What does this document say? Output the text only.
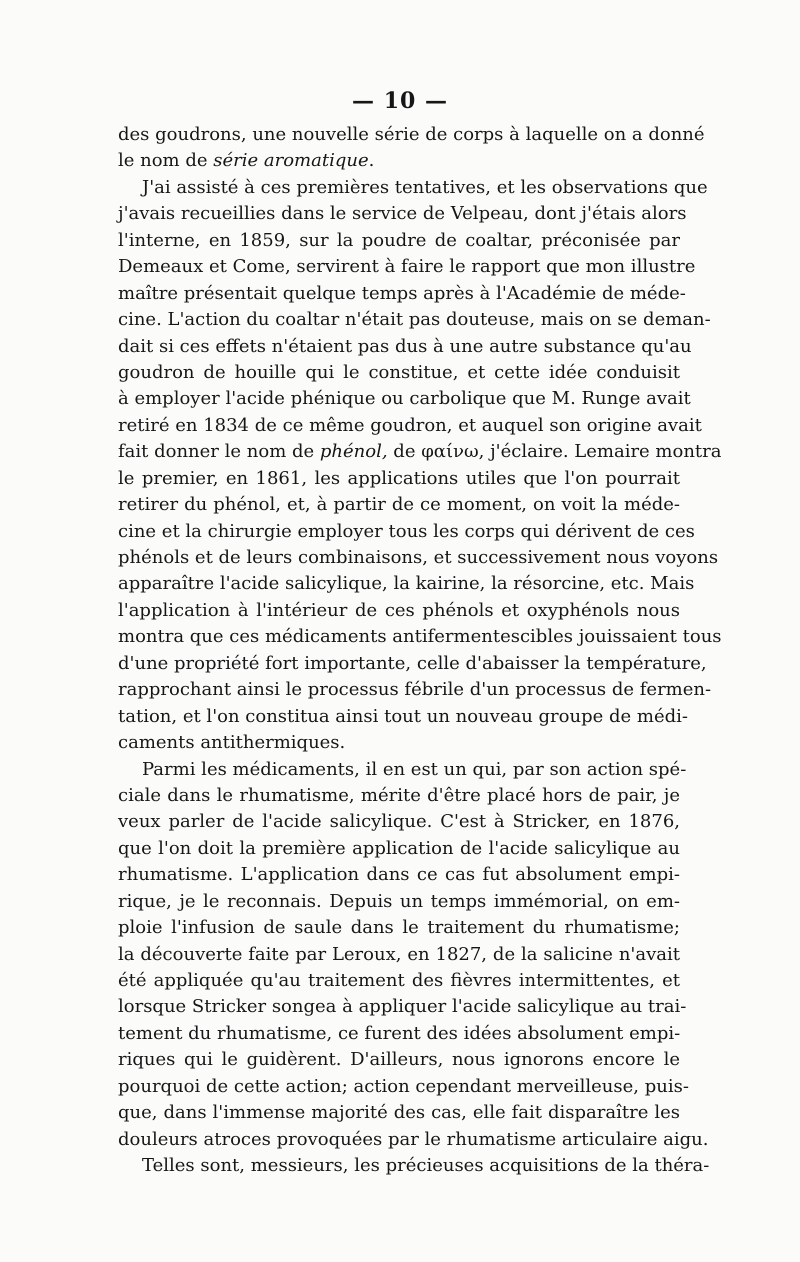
— 10 —
des goudrons, une nouvelle série de corps à laquelle on a donné
le nom de série aromatique.
J'ai assisté à ces premières tentatives, et les observations que
j'avais recueillies dans le service de Velpeau, dont j'étais alors
l'interne, en 1859, sur la poudre de coaltar, préconisée par
Demeaux et Come, servirent à faire le rapport que mon illustre
maître présentait quelque temps après à l'Académie de méde-
cine. L'action du coaltar n'était pas douteuse, mais on se deman-
dait si ces effets n'étaient pas dus à une autre substance qu'au
goudron de houille qui le constitue, et cette idée conduisit
à employer l'acide phénique ou carbolique que M. Runge avait
retiré en 1834 de ce même goudron, et auquel son origine avait
fait donner le nom de phénol, de φαίνω, j'éclaire. Lemaire montra
le premier, en 1861, les applications utiles que l'on pourrait
retirer du phénol, et, à partir de ce moment, on voit la méde-
cine et la chirurgie employer tous les corps qui dérivent de ces
phénols et de leurs combinaisons, et successivement nous voyons
apparaître l'acide salicylique, la kairine, la résorcine, etc. Mais
l'application à l'intérieur de ces phénols et oxyphénols nous
montra que ces médicaments antifermentescibles jouissaient tous
d'une propriété fort importante, celle d'abaisser la température,
rapprochant ainsi le processus fébrile d'un processus de fermen-
tation, et l'on constitua ainsi tout un nouveau groupe de médi-
caments antithermiques.
Parmi les médicaments, il en est un qui, par son action spé-
ciale dans le rhumatisme, mérite d'être placé hors de pair, je
veux parler de l'acide salicylique. C'est à Stricker, en 1876,
que l'on doit la première application de l'acide salicylique au
rhumatisme. L'application dans ce cas fut absolument empi-
rique, je le reconnais. Depuis un temps immémorial, on em-
ploie l'infusion de saule dans le traitement du rhumatisme;
la découverte faite par Leroux, en 1827, de la salicine n'avait
été appliquée qu'au traitement des fièvres intermittentes, et
lorsque Stricker songea à appliquer l'acide salicylique au trai-
tement du rhumatisme, ce furent des idées absolument empi-
riques qui le guidèrent. D'ailleurs, nous ignorons encore le
pourquoi de cette action; action cependant merveilleuse, puis-
que, dans l'immense majorité des cas, elle fait disparaître les
douleurs atroces provoquées par le rhumatisme articulaire aigu.
Telles sont, messieurs, les précieuses acquisitions de la théra-
